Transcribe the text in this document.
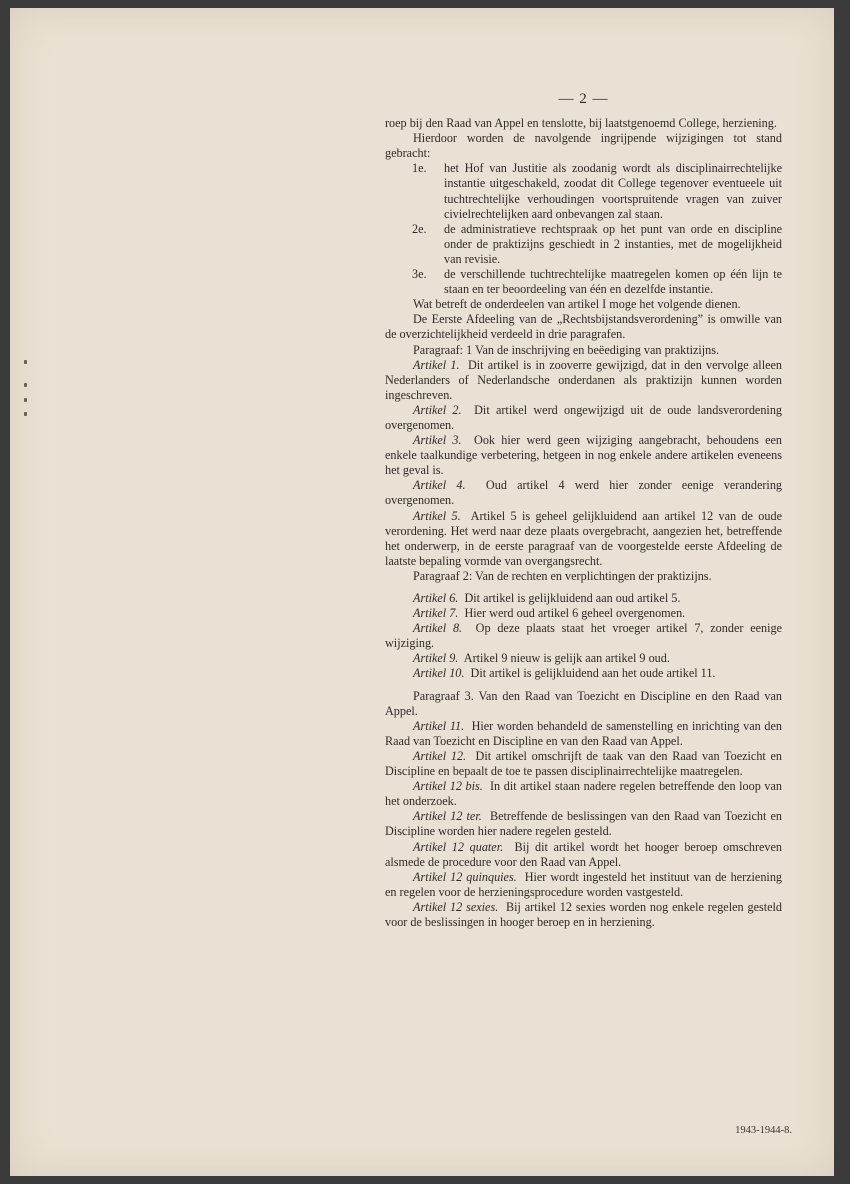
— 2 —

roep bij den Raad van Appel en tenslotte, bij laatstgenoemd College, herziening.

Hierdoor worden de navolgende ingrijpende wijzigingen tot stand gebracht:

1e.	het Hof van Justitie als zoodanig wordt als disciplinairrechtelijke instantie uitgeschakeld, zoodat dit College tegenover eventueele uit tuchtrechtelijke verhoudingen voortspruitende vragen van zuiver civielrechtelijken aard onbevangen zal staan.
2e.	de administratieve rechtspraak op het punt van orde en discipline onder de praktizijns geschiedt in 2 instanties, met de mogelijkheid van revisie.
3e.	de verschillende tuchtrechtelijke maatregelen komen op één lijn te staan en ter beoordeeling van één en dezelfde instantie.

Wat betreft de onderdeelen van artikel I moge het volgende dienen.

De Eerste Afdeeling van de „Rechtsbijstandsverordening” is omwille van de overzichtelijkheid verdeeld in drie paragrafen.

Paragraaf: 1 Van de inschrijving en beëediging van praktizijns.

Artikel 1. Dit artikel is in zooverre gewijzigd, dat in den vervolge alleen Nederlanders of Nederlandsche onderdanen als praktizijn kunnen worden ingeschreven.

Artikel 2. Dit artikel werd ongewijzigd uit de oude landsverordening overgenomen.

Artikel 3. Ook hier werd geen wijziging aangebracht, behoudens een enkele taalkundige verbetering, hetgeen in nog enkele andere artikelen eveneens het geval is.

Artikel 4. Oud artikel 4 werd hier zonder eenige verandering overgenomen.

Artikel 5. Artikel 5 is geheel gelijkluidend aan artikel 12 van de oude verordening. Het werd naar deze plaats overgebracht, aangezien het, betreffende het onderwerp, in de eerste paragraaf van de voorgestelde eerste Afdeeling de laatste bepaling vormde van overgangsrecht.

Paragraaf 2: Van de rechten en verplichtingen der praktizijns.

Artikel 6. Dit artikel is gelijkluidend aan oud artikel 5.

Artikel 7. Hier werd oud artikel 6 geheel overgenomen.

Artikel 8. Op deze plaats staat het vroeger artikel 7, zonder eenige wijziging.

Artikel 9. Artikel 9 nieuw is gelijk aan artikel 9 oud.

Artikel 10. Dit artikel is gelijkluidend aan het oude artikel 11.

Paragraaf 3. Van den Raad van Toezicht en Discipline en den Raad van Appel.

Artikel 11. Hier worden behandeld de samenstelling en inrichting van den Raad van Toezicht en Discipline en van den Raad van Appel.

Artikel 12. Dit artikel omschrijft de taak van den Raad van Toezicht en Discipline en bepaalt de toe te passen disciplinairrechtelijke maatregelen.

Artikel 12 bis. In dit artikel staan nadere regelen betreffende den loop van het onderzoek.

Artikel 12 ter. Betreffende de beslissingen van den Raad van Toezicht en Discipline worden hier nadere regelen gesteld.

Artikel 12 quater. Bij dit artikel wordt het hooger beroep omschreven alsmede de procedure voor den Raad van Appel.

Artikel 12 quinquies. Hier wordt ingesteld het instituut van de herziening en regelen voor de herzieningsprocedure worden vastgesteld.

Artikel 12 sexies. Bij artikel 12 sexies worden nog enkele regelen gesteld voor de beslissingen in hooger beroep en in herziening.

1943-1944-8.
